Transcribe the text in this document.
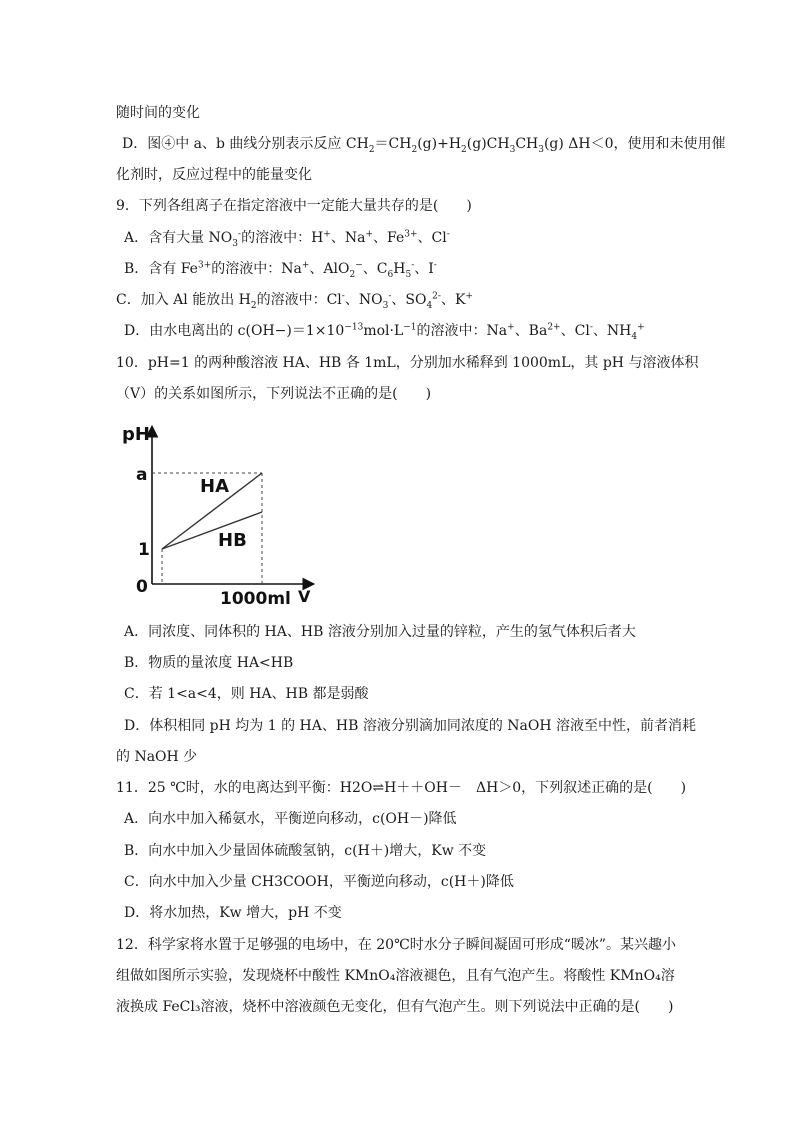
随时间的变化
D．图④中 a、b 曲线分别表示反应 $CH_2=CH_2(g)+H_2(g)CH_3CH_3(g)$ ΔH＜0，使用和未使用催
化剂时，反应过程中的能量变化
9．下列各组离子在指定溶液中一定能大量共存的是(　　)
A．含有大量 $NO_3^-$的溶液中：H+、Na+、$Fe^{3+}$、Cl-
B．含有 $Fe^{3+}$的溶液中：Na+、AlO$_2$−、$C_6H_5^-$、I-
C．加入 Al 能放出 $H_2$的溶液中：Cl-、$NO_3^-$、$SO_4^{2-}$、K+
D．由水电离出的 $c(OH-)=1\times 10^{-13}mol\cdot L^{-1}$的溶液中：Na+、$Ba^{2+}$、Cl-、$NH_4^+$
10．pH=1 的两种酸溶液 HA、HB 各 1mL，分别加水稀释到 1000mL，其 pH 与溶液体积
（V）的关系如图所示，下列说法不正确的是(　　)
pH
V
a
1
0
1000ml
HA
HB
A．同浓度、同体积的 HA、HB 溶液分别加入过量的锌粒，产生的氢气体积后者大
B．物质的量浓度 HA<HB
C．若 1<a<4，则 HA、HB 都是弱酸
D．体积相同 pH 均为 1 的 HA、HB 溶液分别滴加同浓度的 NaOH 溶液至中性，前者消耗
的 NaOH 少
11．25 ℃时，水的电离达到平衡：H2O⇌H＋＋OH－　ΔH＞0，下列叙述正确的是(　　)
A．向水中加入稀氨水，平衡逆向移动，c(OH－)降低
B．向水中加入少量固体硫酸氢钠，c(H＋)增大，Kw 不变
C．向水中加入少量 CH3COOH，平衡逆向移动，c(H＋)降低
D．将水加热，Kw 增大，pH 不变
12．科学家将水置于足够强的电场中，在 20℃时水分子瞬间凝固可形成“暖冰”。某兴趣小
组做如图所示实验，发现烧杯中酸性 KMnO₄溶液褪色，且有气泡产生。将酸性 KMnO₄溶
液换成 FeCl₃溶液，烧杯中溶液颜色无变化，但有气泡产生。则下列说法中正确的是(　　)
